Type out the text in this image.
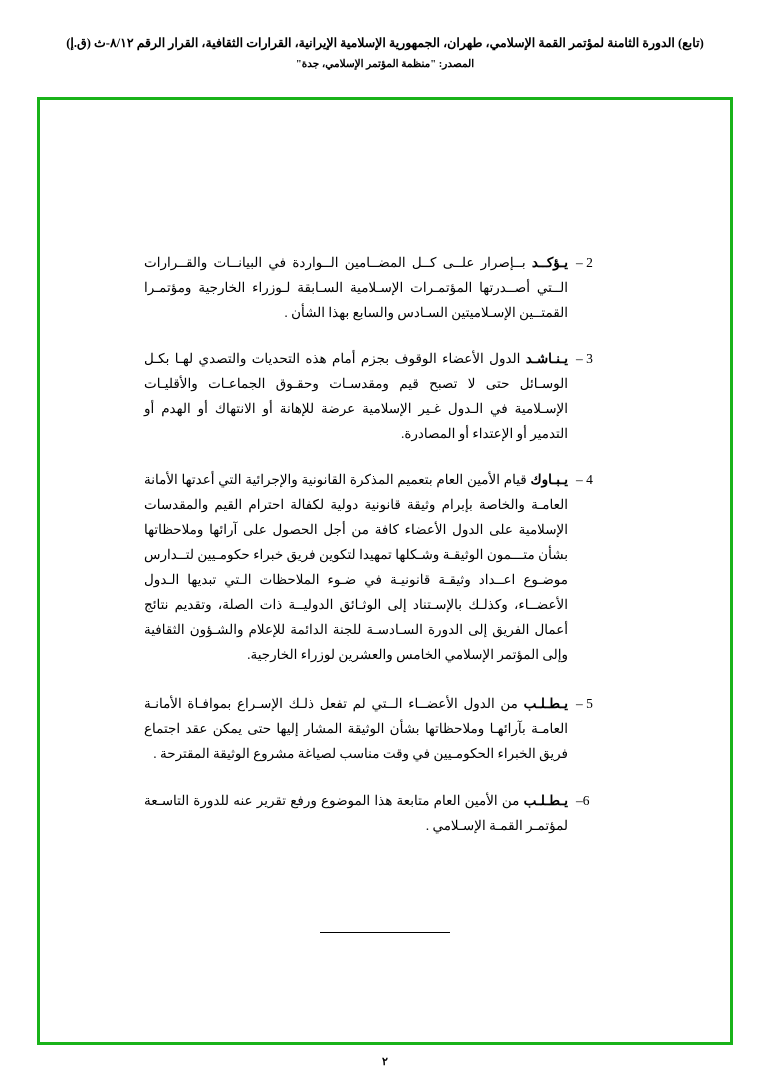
(تابع) الدورة الثامنة لمؤتمر القمة الإسلامي، طهران، الجمهورية الإسلامية الإيرانية، القرارات الثقافية، القرار الرقم ٨/١٢-ث (ق.إ)
المصدر: "منظمة المؤتمر الإسلامي، جدة"
2 –
يـؤكــد بــإصرار علــى كــل المضــامين الــواردة في البيانــات والقــرارات الــتي أصــدرتها المؤتمـرات الإسـلامية السـابقة لـوزراء الخارجية ومؤتمـرا القمتــين الإسـلاميتين السـادس والسابع بهذا الشأن .
3 –
يـنـاشـد الدول الأعضاء الوقوف بجزم أمام هذه التحديات والتصدي لهـا بكـل الوسـائل حتى لا تصبح قيم ومقدسـات وحقـوق الجماعـات والأقليـات الإسـلامية في الـدول غـير الإسلامية عرضة للإهانة أو الانتهاك أو الهدم أو التدمير أو الإعتداء أو المصادرة.
4 –
يـبـاوك قيام الأمين العام بتعميم المذكرة القانونية والإجرائية التي أعدتها الأمانة العامـة والخاصة بإبرام وثيقة قانونية دولية لكفالة احترام القيم والمقدسات الإسلامية على الدول الأعضاء كافة من أجل الحصول على آرائها وملاحظاتها بشأن متـــمون الوثيقـة وشـكلها تمهيدا لتكوين فريق خبراء حكومـيين لتــدارس موضـوع اعــداد وثيقـة قانونيـة في ضـوء الملاحظات الـتي تبديها الـدول الأعضــاء، وكذلـك بالإسـتناد إلى الوثـائق الدوليــة ذات الصلة، وتقديم نتائج أعمال الفريق إلى الدورة السـادسـة للجنة الدائمة للإعلام والشـؤون الثقافية وإلى المؤتمر الإسلامي الخامس والعشرين لوزراء الخارجية.
5 –
يـطـلـب من الدول الأعضــاء الــتي لم تفعل ذلـك الإسـراع بموافـاة الأمانـة العامـة بآرائهـا وملاحظاتها بشأن الوثيقة المشار إليها حتى يمكن عقد اجتماع فريق الخبراء الحكومـيين في وقت مناسب لصياغة مشروع الوثيقة المقترحة .
6–
يـطـلـب من الأمين العام متابعة هذا الموضوع ورفع تقرير عنه للدورة التاسـعة لمؤتمـر القمـة الإسـلامي .
٢
